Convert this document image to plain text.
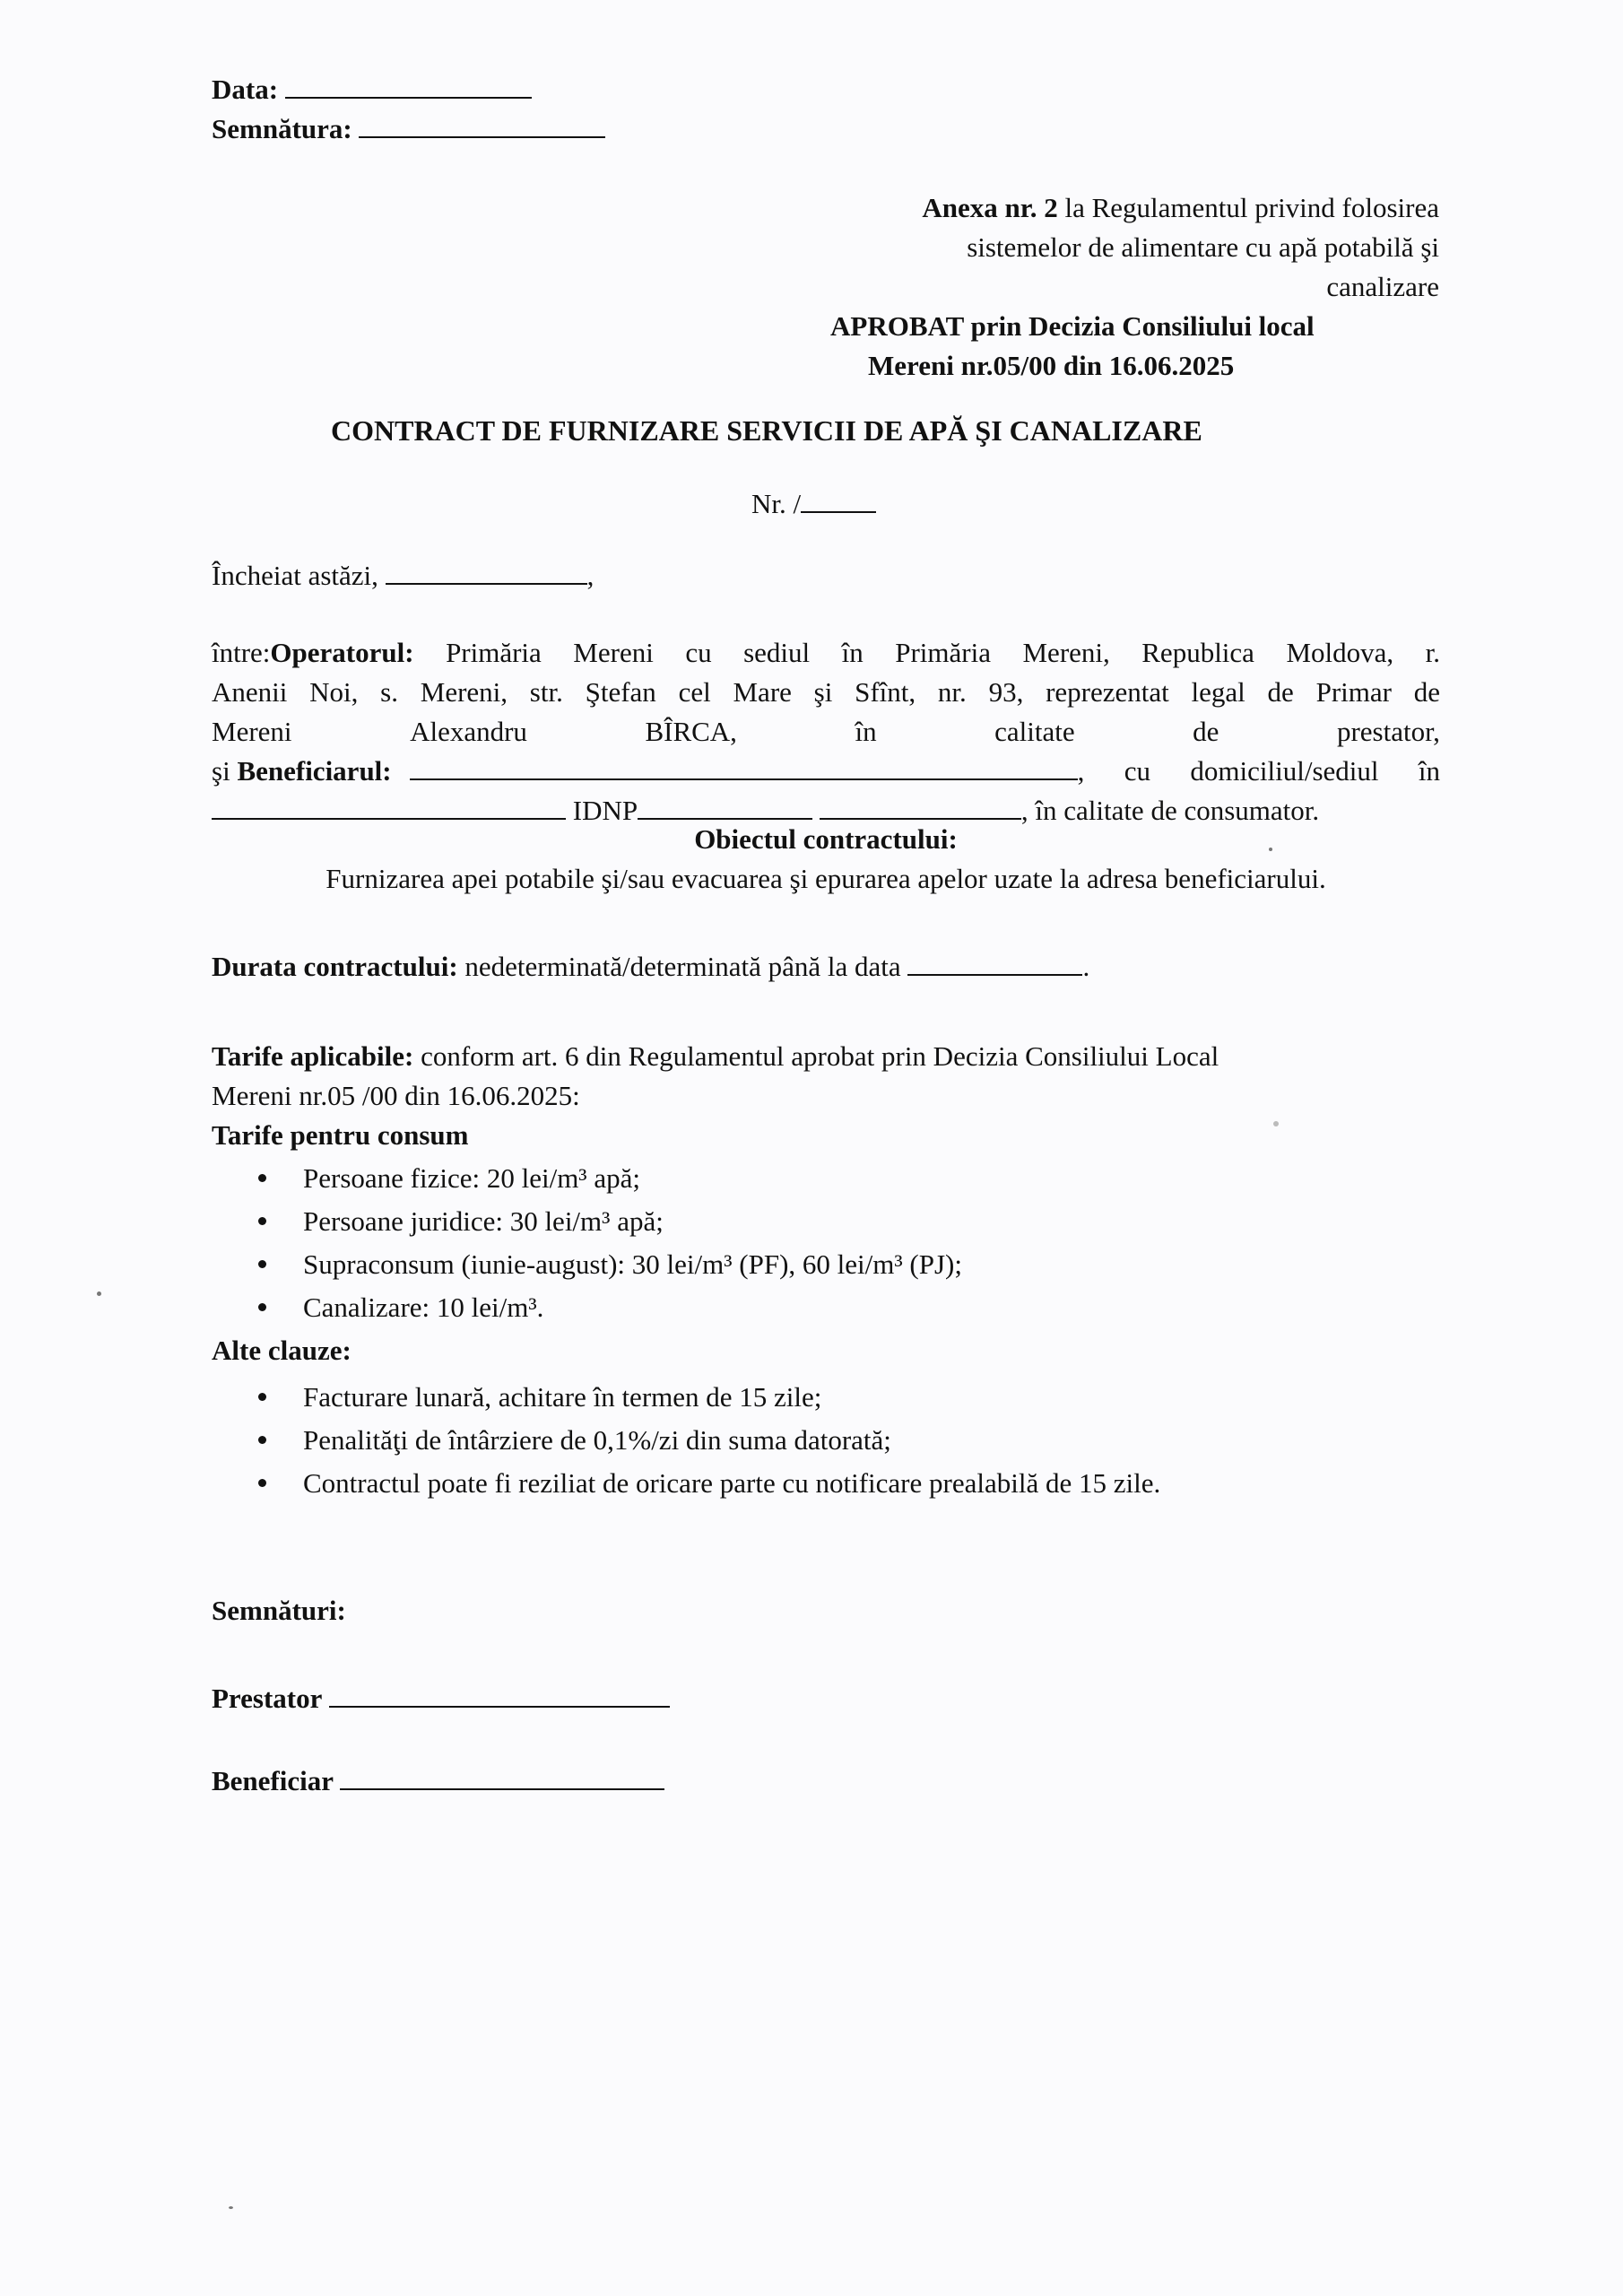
Data:
Semnătura:
Anexa nr. 2 la Regulamentul privind folosirea
sistemelor de alimentare cu apă potabilă şi
canalizare
APROBAT prin Decizia Consiliului local
Mereni nr.05/00 din 16.06.2025
CONTRACT DE FURNIZARE SERVICII DE APĂ ŞI CANALIZARE
Nr. /
Încheiat astăzi,	,
între:Operatorul: Primăria Mereni cu sediul în Primăria Mereni, Republica Moldova, r.
Anenii Noi, s. Mereni, str. Ştefan cel Mare şi Sfînt, nr. 93, reprezentat legal de Primar de
Mereni	Alexandru	BÎRCA,	în	calitate	de	prestator,
şi Beneficiarul:	, cu domiciliul/sediul în
IDNP	, în calitate de consumator.
Obiectul contractului:
Furnizarea apei potabile şi/sau evacuarea şi epurarea apelor uzate la adresa beneficiarului.
Durata contractului: nedeterminată/determinată până la data	.
Tarife aplicabile: conform art. 6 din Regulamentul aprobat prin Decizia Consiliului Local
Mereni nr.05 /00 din 16.06.2025:
Tarife pentru consum
Persoane fizice: 20 lei/m³ apă;
Persoane juridice: 30 lei/m³ apă;
Supraconsum (iunie-august): 30 lei/m³ (PF), 60 lei/m³ (PJ);
Canalizare: 10 lei/m³.
Alte clauze:
Facturare lunară, achitare în termen de 15 zile;
Penalităţi de întârziere de 0,1%/zi din suma datorată;
Contractul poate fi reziliat de oricare parte cu notificare prealabilă de 15 zile.
Semnături:
Prestator
Beneficiar
